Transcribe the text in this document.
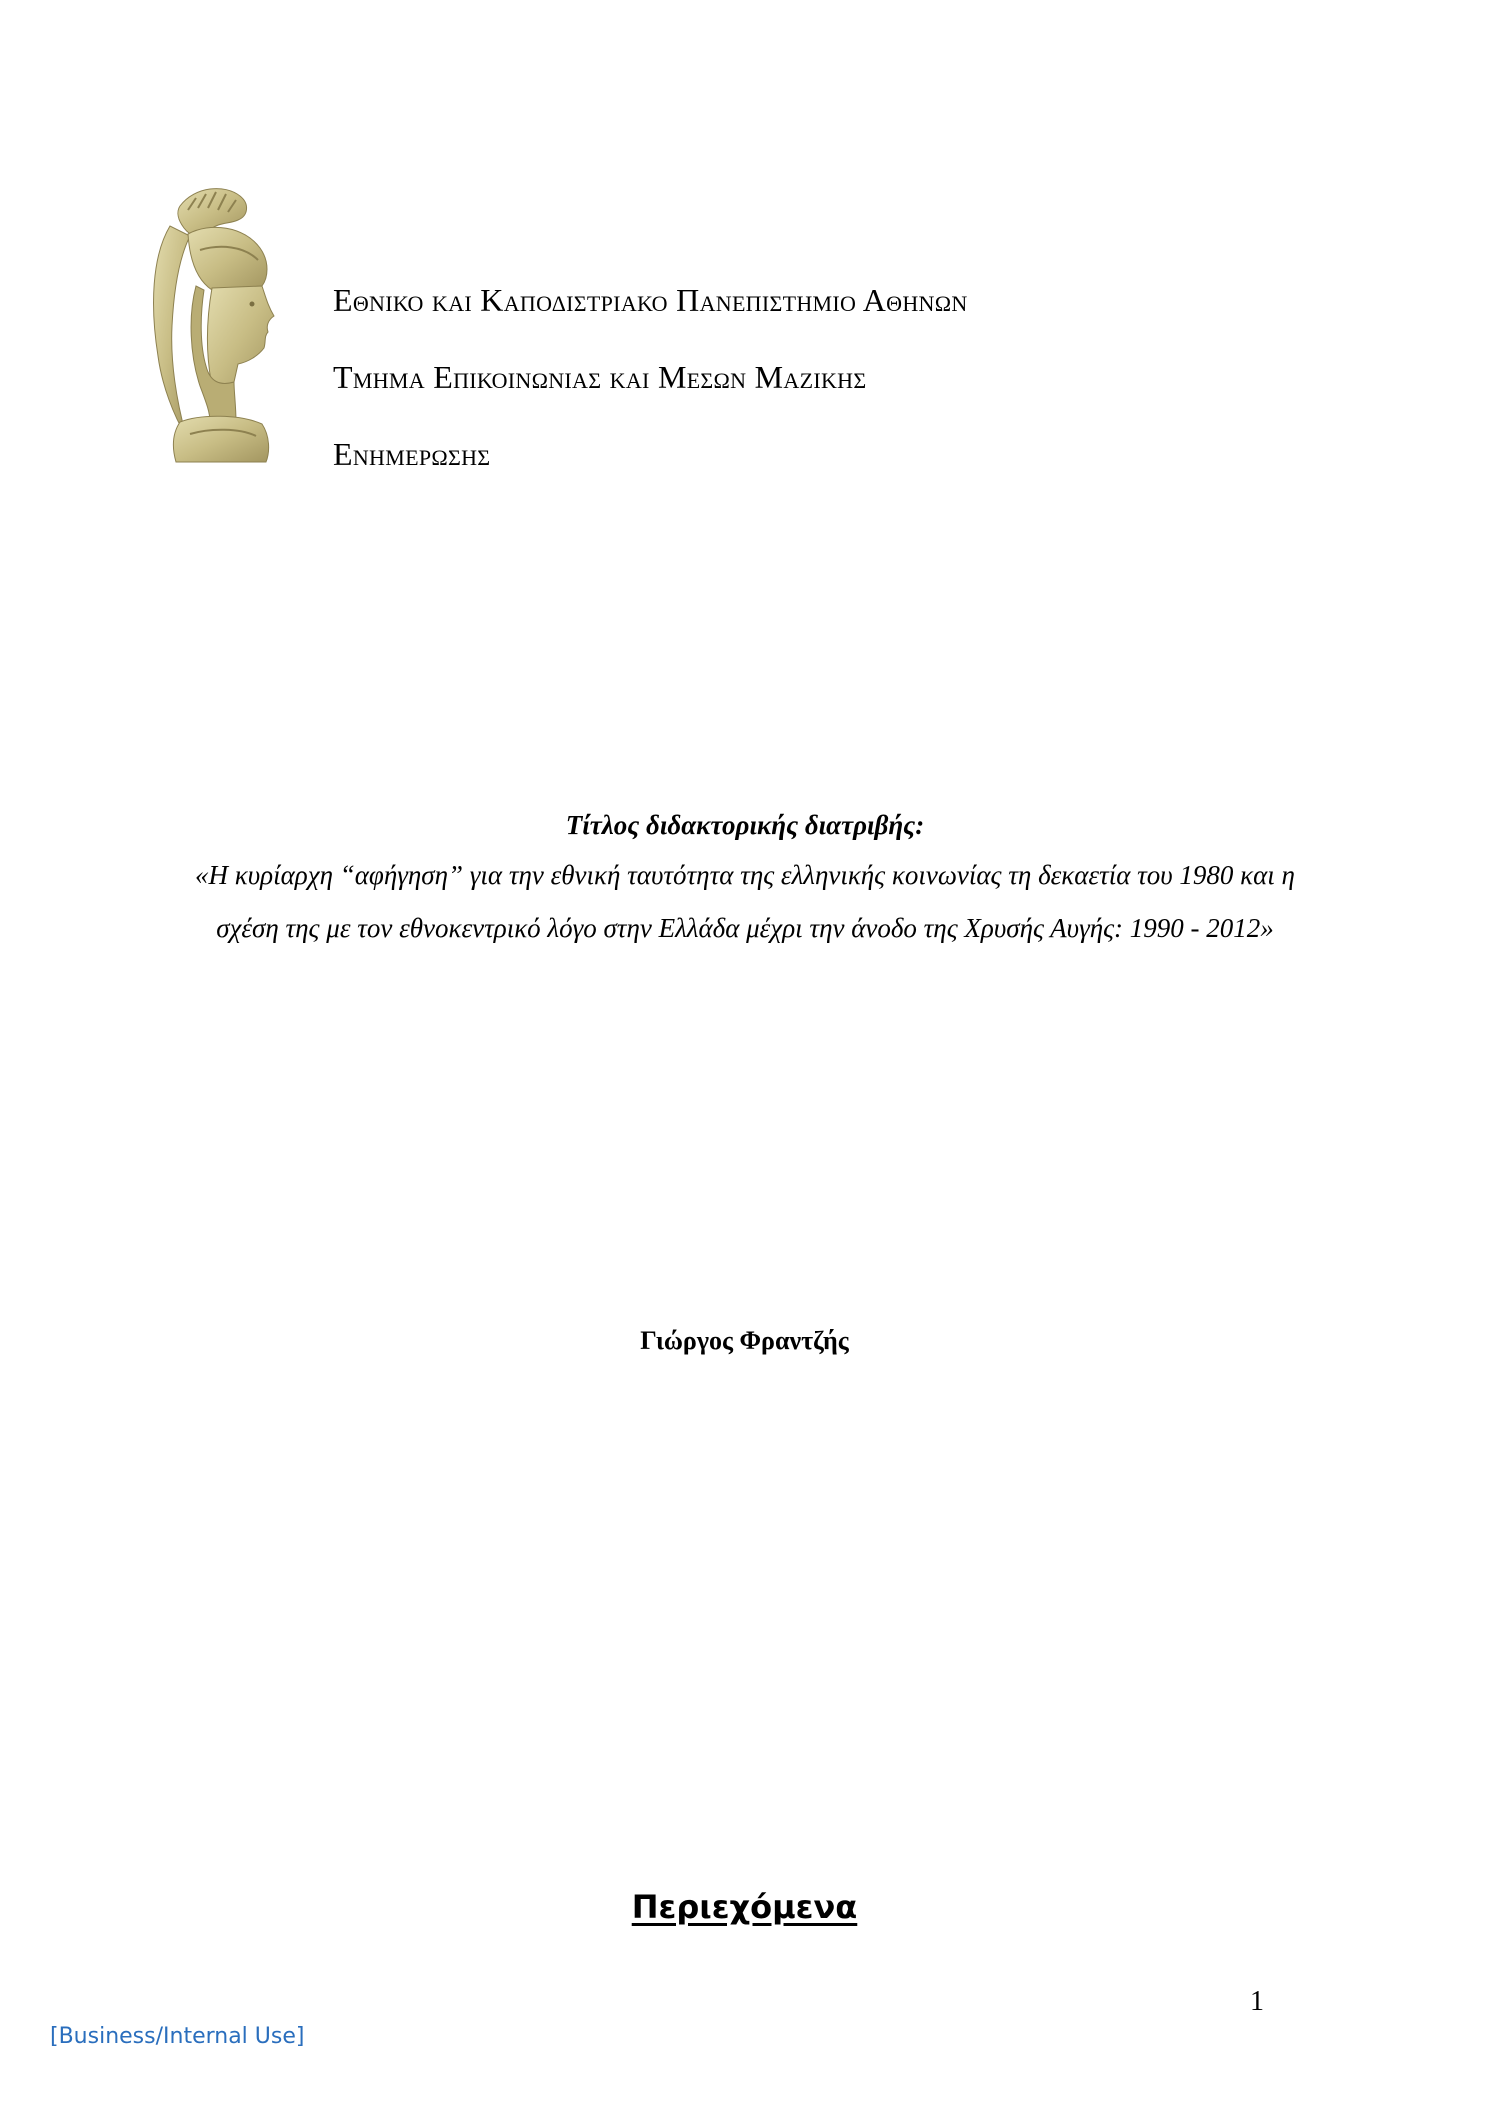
Εθνικο και Καποδιστριακο Πανεπιστημιο Αθηνων
Τμημα Επικοινωνιας και Μεσων Μαζικης
Ενημερωσης
Τίτλος διδακτορικής διατριβής:
«Η κυρίαρχη “αφήγηση” για την εθνική ταυτότητα της ελληνικής κοινωνίας τη δεκαετία του 1980 και η
σχέση της με τον εθνοκεντρικό λόγο στην Ελλάδα μέχρι την άνοδο της Χρυσής Αυγής: 1990 - 2012»
Γιώργος Φραντζής
Περιεχόμενα
1
[Business/Internal Use]
